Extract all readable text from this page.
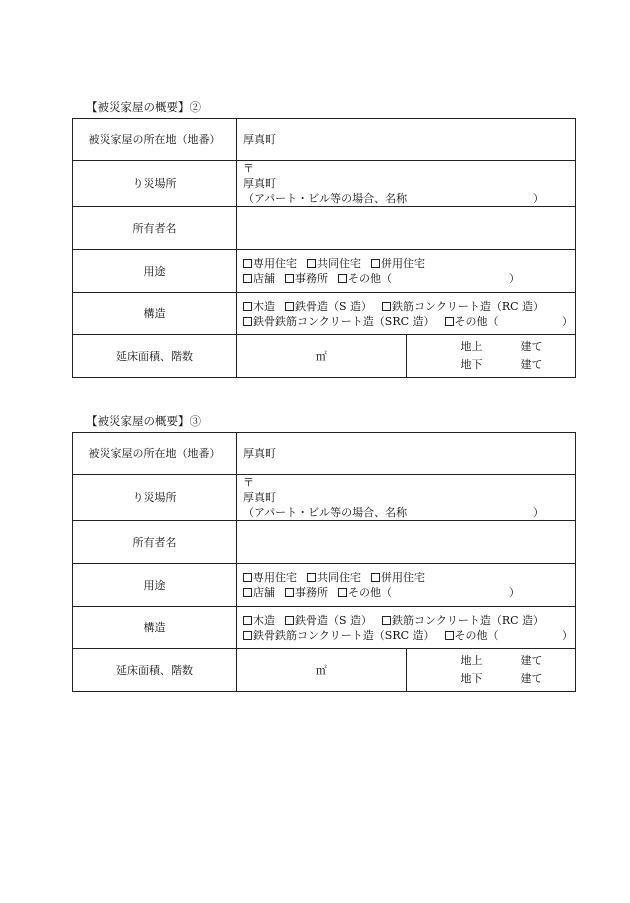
【被災家屋の概要】②
被災家屋の所在地（地番）	厚真町	
り災場所	〒
厚真町
（アパート・ビル等の場合、名称 ）	

所有者名		
用途	専用住宅 共同住宅 併用住宅
店舗 事務所 その他（ ）	

構造	木造 鉄骨造（S 造） 鉄筋コンクリート造（RC 造）
鉄骨鉄筋コンクリート造（SRC 造） その他（ ）	

延床面積、階数	㎡	地上 建て
地下 建て
【被災家屋の概要】③
被災家屋の所在地（地番）	厚真町	
り災場所	〒
厚真町
（アパート・ビル等の場合、名称 ）	

所有者名		
用途	専用住宅 共同住宅 併用住宅
店舗 事務所 その他（ ）	

構造	木造 鉄骨造（S 造） 鉄筋コンクリート造（RC 造）
鉄骨鉄筋コンクリート造（SRC 造） その他（ ）	

延床面積、階数	㎡	地上 建て
地下 建て
